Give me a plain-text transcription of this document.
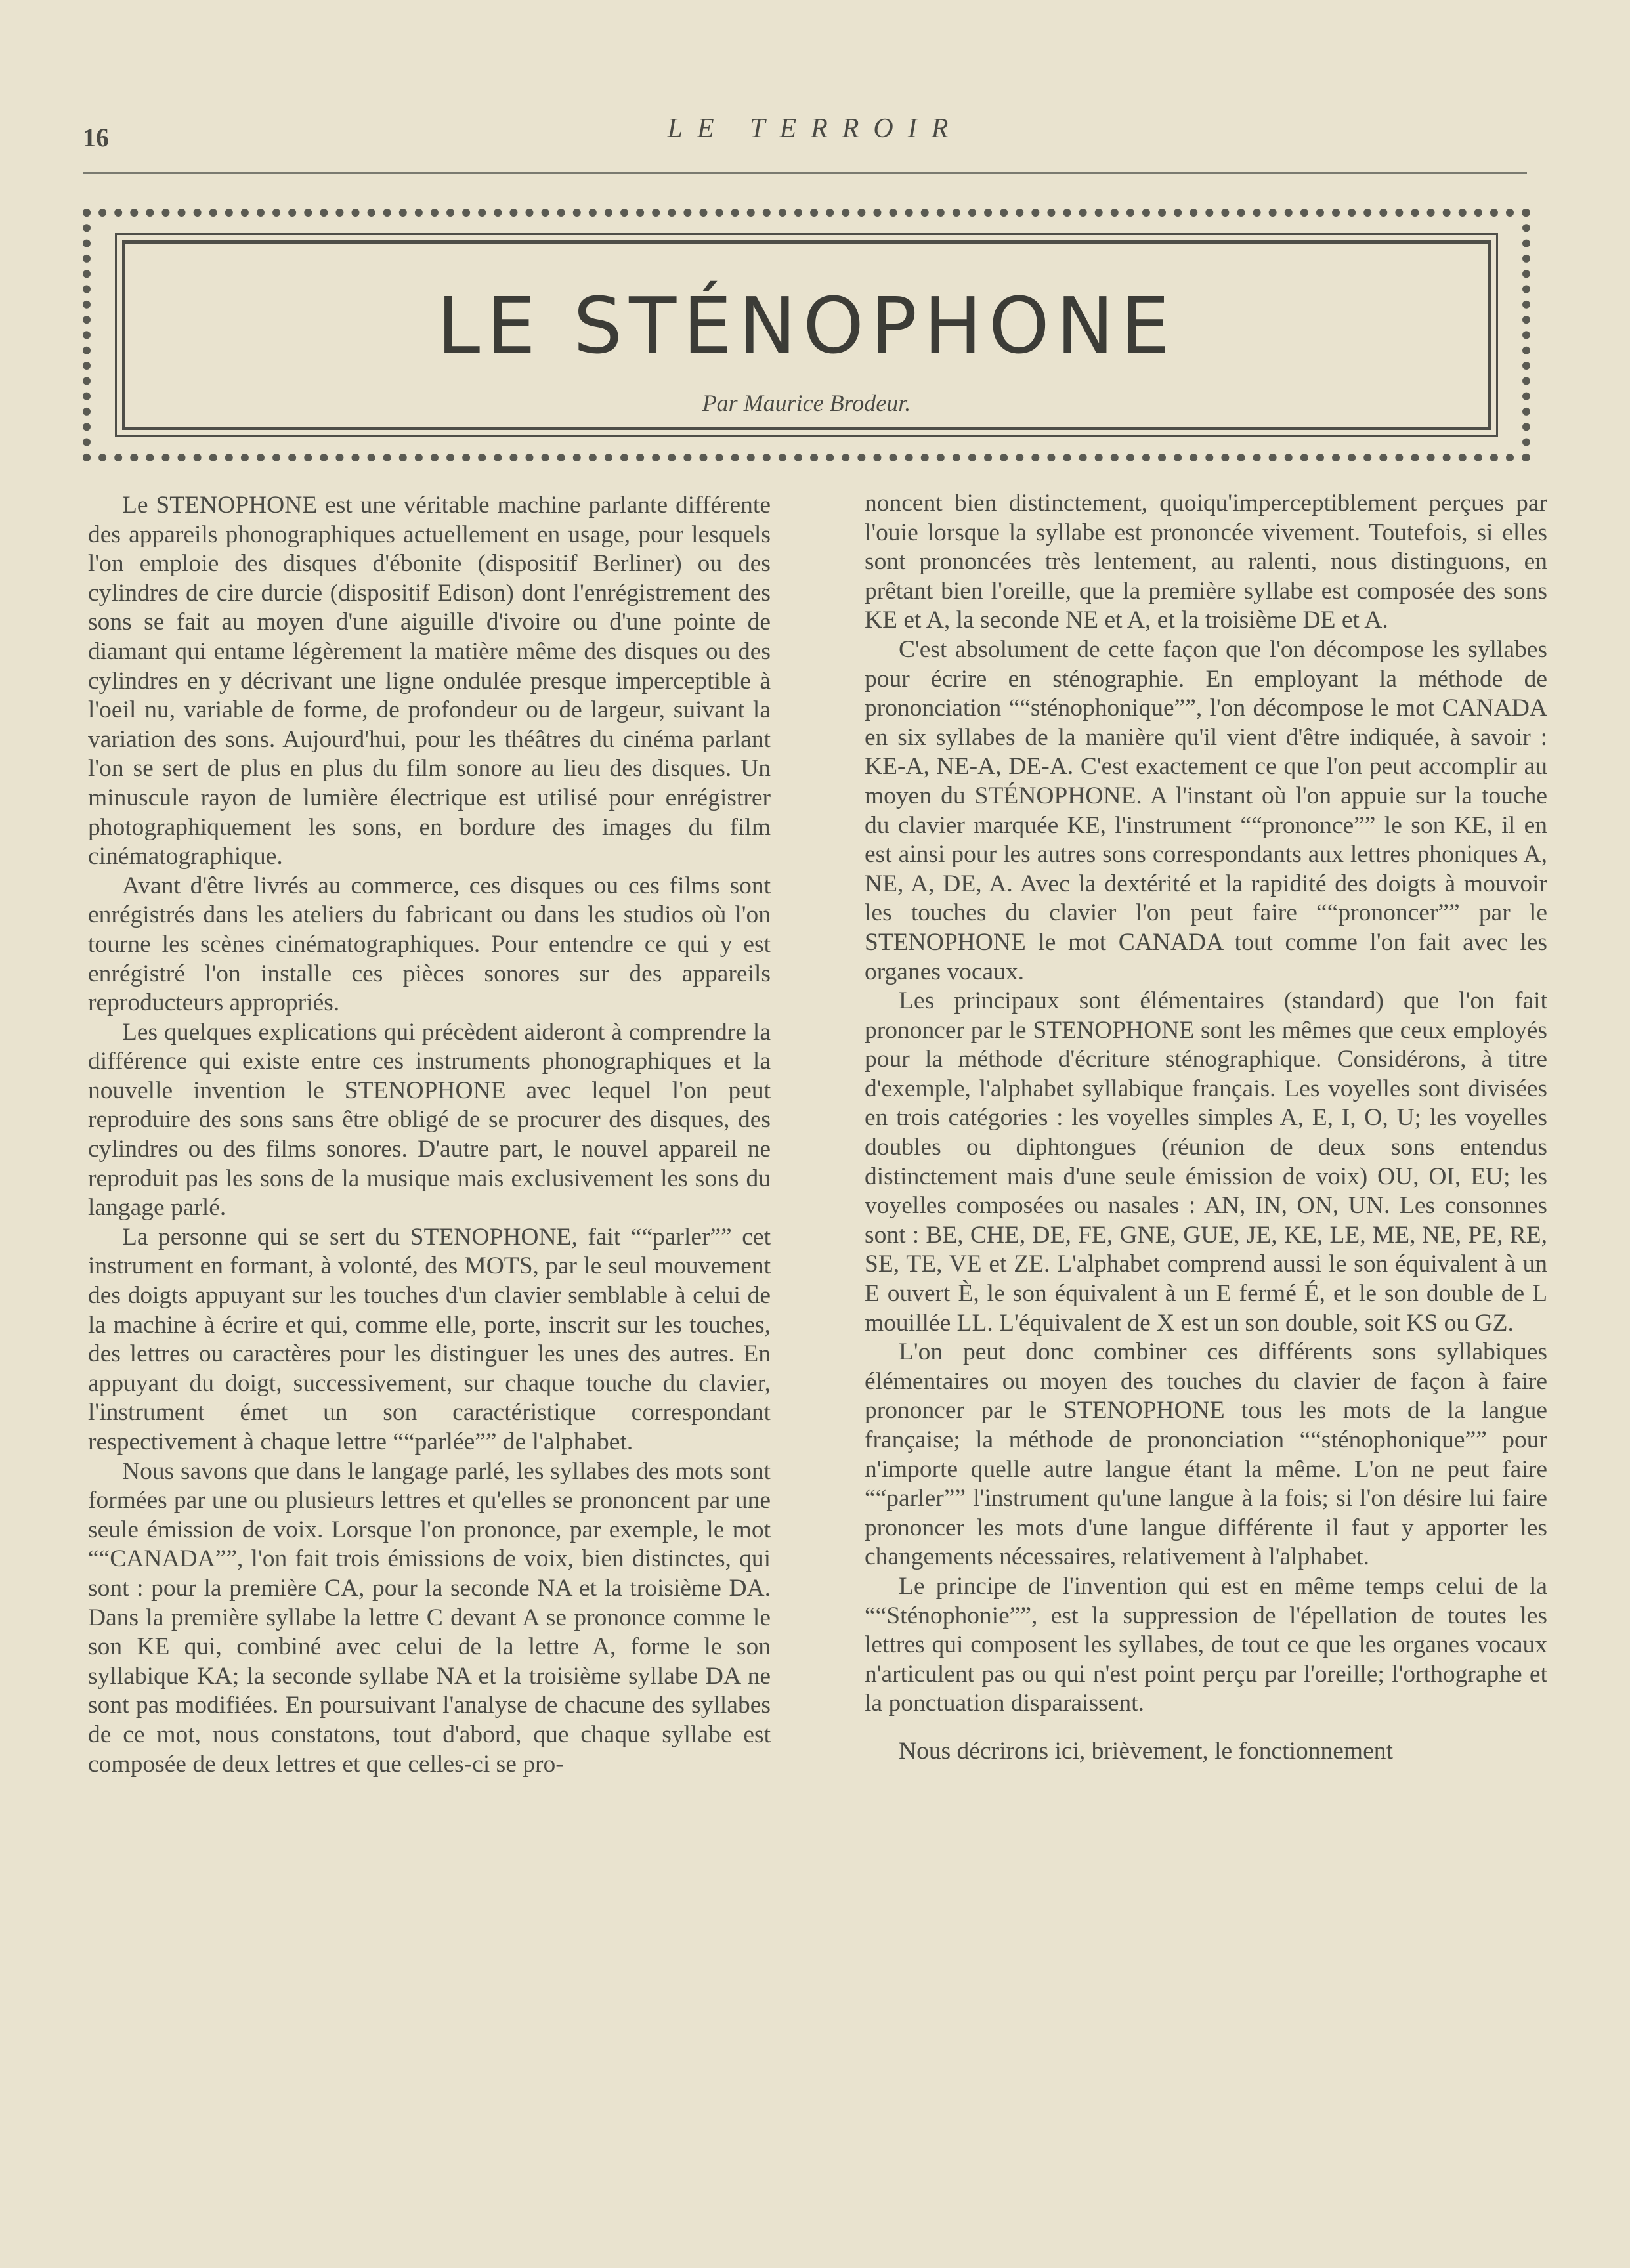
16	LE TERROIR
LE STÉNOPHONE
Par Maurice Brodeur.

Le STENOPHONE est une véritable machine parlante différente des appareils phonographiques actuellement en usage, pour lesquels l'on emploie des disques d'ébonite (dispositif Berliner) ou des cylindres de cire durcie (dispositif Edison) dont l'enrégistrement des sons se fait au moyen d'une aiguille d'ivoire ou d'une pointe de diamant qui entame légèrement la matière même des disques ou des cylindres en y décrivant une ligne ondulée presque imperceptible à l'oeil nu, variable de forme, de profondeur ou de largeur, suivant la variation des sons. Aujourd'hui, pour les théâtres du cinéma parlant l'on se sert de plus en plus du film sonore au lieu des disques. Un minuscule rayon de lumière électrique est utilisé pour enrégistrer photographiquement les sons, en bordure des images du film cinématographique.

Avant d'être livrés au commerce, ces disques ou ces films sont enrégistrés dans les ateliers du fabricant ou dans les studios où l'on tourne les scènes cinématographiques. Pour entendre ce qui y est enrégistré l'on installe ces pièces sonores sur des appareils reproducteurs appropriés.

Les quelques explications qui précèdent aideront à comprendre la différence qui existe entre ces instruments phonographiques et la nouvelle invention le STENOPHONE avec lequel l'on peut reproduire des sons sans être obligé de se procurer des disques, des cylindres ou des films sonores. D'autre part, le nouvel appareil ne reproduit pas les sons de la musique mais exclusivement les sons du langage parlé.

La personne qui se sert du STENOPHONE, fait ““parler”” cet instrument en formant, à volonté, des MOTS, par le seul mouvement des doigts appuyant sur les touches d'un clavier semblable à celui de la machine à écrire et qui, comme elle, porte, inscrit sur les touches, des lettres ou caractères pour les distinguer les unes des autres. En appuyant du doigt, successivement, sur chaque touche du clavier, l'instrument émet un son caractéristique correspondant respectivement à chaque lettre ““parlée”” de l'alphabet.

Nous savons que dans le langage parlé, les syllabes des mots sont formées par une ou plusieurs lettres et qu'elles se prononcent par une seule émission de voix. Lorsque l'on prononce, par exemple, le mot ““CANADA””, l'on fait trois émissions de voix, bien distinctes, qui sont : pour la première CA, pour la seconde NA et la troisième DA. Dans la première syllabe la lettre C devant A se prononce comme le son KE qui, combiné avec celui de la lettre A, forme le son syllabique KA; la seconde syllabe NA et la troisième syllabe DA ne sont pas modifiées. En poursuivant l'analyse de chacune des syllabes de ce mot, nous constatons, tout d'abord, que chaque syllabe est composée de deux lettres et que celles-ci se pro-

noncent bien distinctement, quoiqu'imperceptiblement perçues par l'ouie lorsque la syllabe est prononcée vivement. Toutefois, si elles sont prononcées très lentement, au ralenti, nous distinguons, en prêtant bien l'oreille, que la première syllabe est composée des sons KE et A, la seconde NE et A, et la troisième DE et A.

C'est absolument de cette façon que l'on décompose les syllabes pour écrire en sténographie. En employant la méthode de prononciation ““sténophonique””, l'on décompose le mot CANADA en six syllabes de la manière qu'il vient d'être indiquée, à savoir : KE-A, NE-A, DE-A. C'est exactement ce que l'on peut accomplir au moyen du STÉNOPHONE. A l'instant où l'on appuie sur la touche du clavier marquée KE, l'instrument ““prononce”” le son KE, il en est ainsi pour les autres sons correspondants aux lettres phoniques A, NE, A, DE, A. Avec la dextérité et la rapidité des doigts à mouvoir les touches du clavier l'on peut faire ““prononcer”” par le STENOPHONE le mot CANADA tout comme l'on fait avec les organes vocaux.

Les principaux sont élémentaires (standard) que l'on fait prononcer par le STENOPHONE sont les mêmes que ceux employés pour la méthode d'écriture sténographique. Considérons, à titre d'exemple, l'alphabet syllabique français. Les voyelles sont divisées en trois catégories : les voyelles simples A, E, I, O, U; les voyelles doubles ou diphtongues (réunion de deux sons entendus distinctement mais d'une seule émission de voix) OU, OI, EU; les voyelles composées ou nasales : AN, IN, ON, UN. Les consonnes sont : BE, CHE, DE, FE, GNE, GUE, JE, KE, LE, ME, NE, PE, RE, SE, TE, VE et ZE. L'alphabet comprend aussi le son équivalent à un E ouvert È, le son équivalent à un E fermé É, et le son double de L mouillée LL. L'équivalent de X est un son double, soit KS ou GZ.

L'on peut donc combiner ces différents sons syllabiques élémentaires ou moyen des touches du clavier de façon à faire prononcer par le STENOPHONE tous les mots de la langue française; la méthode de prononciation ““sténophonique”” pour n'importe quelle autre langue étant la même. L'on ne peut faire ““parler”” l'instrument qu'une langue à la fois; si l'on désire lui faire prononcer les mots d'une langue différente il faut y apporter les changements nécessaires, relativement à l'alphabet.

Le principe de l'invention qui est en même temps celui de la ““Sténophonie””, est la suppression de l'épellation de toutes les lettres qui composent les syllabes, de tout ce que les organes vocaux n'articulent pas ou qui n'est point perçu par l'oreille; l'orthographe et la ponctuation disparaissent.

Nous décrirons ici, brièvement, le fonctionnement
